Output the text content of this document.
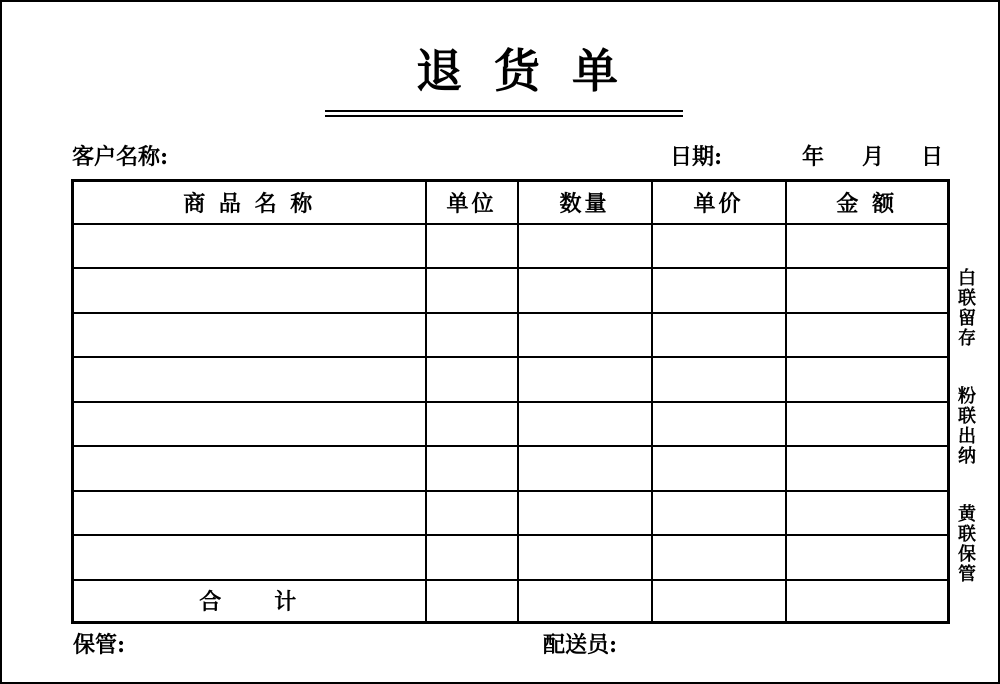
退 货 单
客户名称:	日期:	年 月 日
商 品 名 称	单位	数量	单价	金 额

合　　计				
白联留存 粉联出纳 黄联保管
保管:	配送员:
